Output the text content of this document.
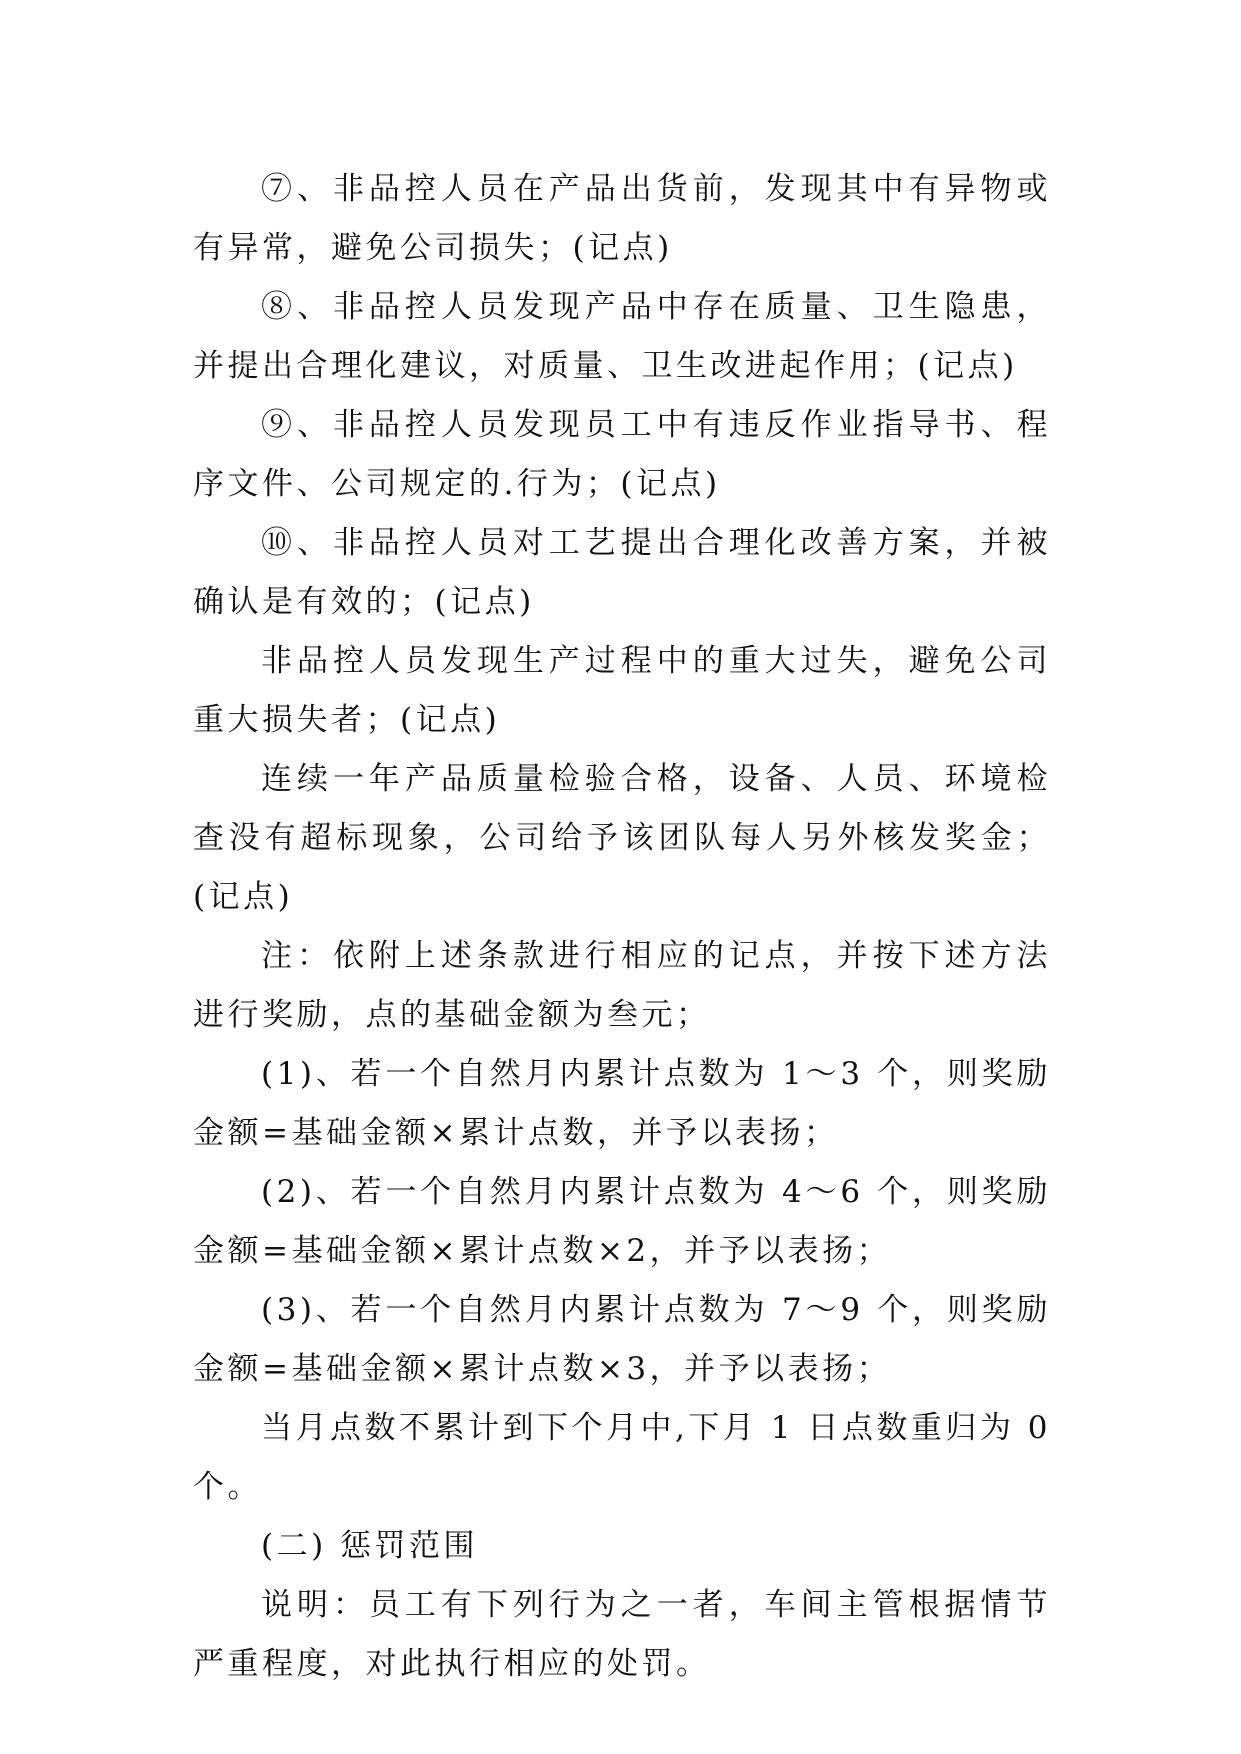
⑦、非品控人员在产品出货前，发现其中有异物或有异常，避免公司损失；(记点)

⑧、非品控人员发现产品中存在质量、卫生隐患，并提出合理化建议，对质量、卫生改进起作用；(记点)

⑨、非品控人员发现员工中有违反作业指导书、程序文件、公司规定的.行为；(记点)

⑩、非品控人员对工艺提出合理化改善方案，并被确认是有效的；(记点)

非品控人员发现生产过程中的重大过失，避免公司重大损失者；(记点)

连续一年产品质量检验合格，设备、人员、环境检查没有超标现象，公司给予该团队每人另外核发奖金；(记点)

注：依附上述条款进行相应的记点，并按下述方法进行奖励，点的基础金额为叁元；

(1)、若一个自然月内累计点数为 1～3 个，则奖励金额=基础金额×累计点数，并予以表扬；

(2)、若一个自然月内累计点数为 4～6 个，则奖励金额=基础金额×累计点数×2，并予以表扬；

(3)、若一个自然月内累计点数为 7～9 个，则奖励金额=基础金额×累计点数×3，并予以表扬；

当月点数不累计到下个月中,下月 1 日点数重归为 0 个。

(二) 惩罚范围

说明：员工有下列行为之一者，车间主管根据情节严重程度，对此执行相应的处罚。
